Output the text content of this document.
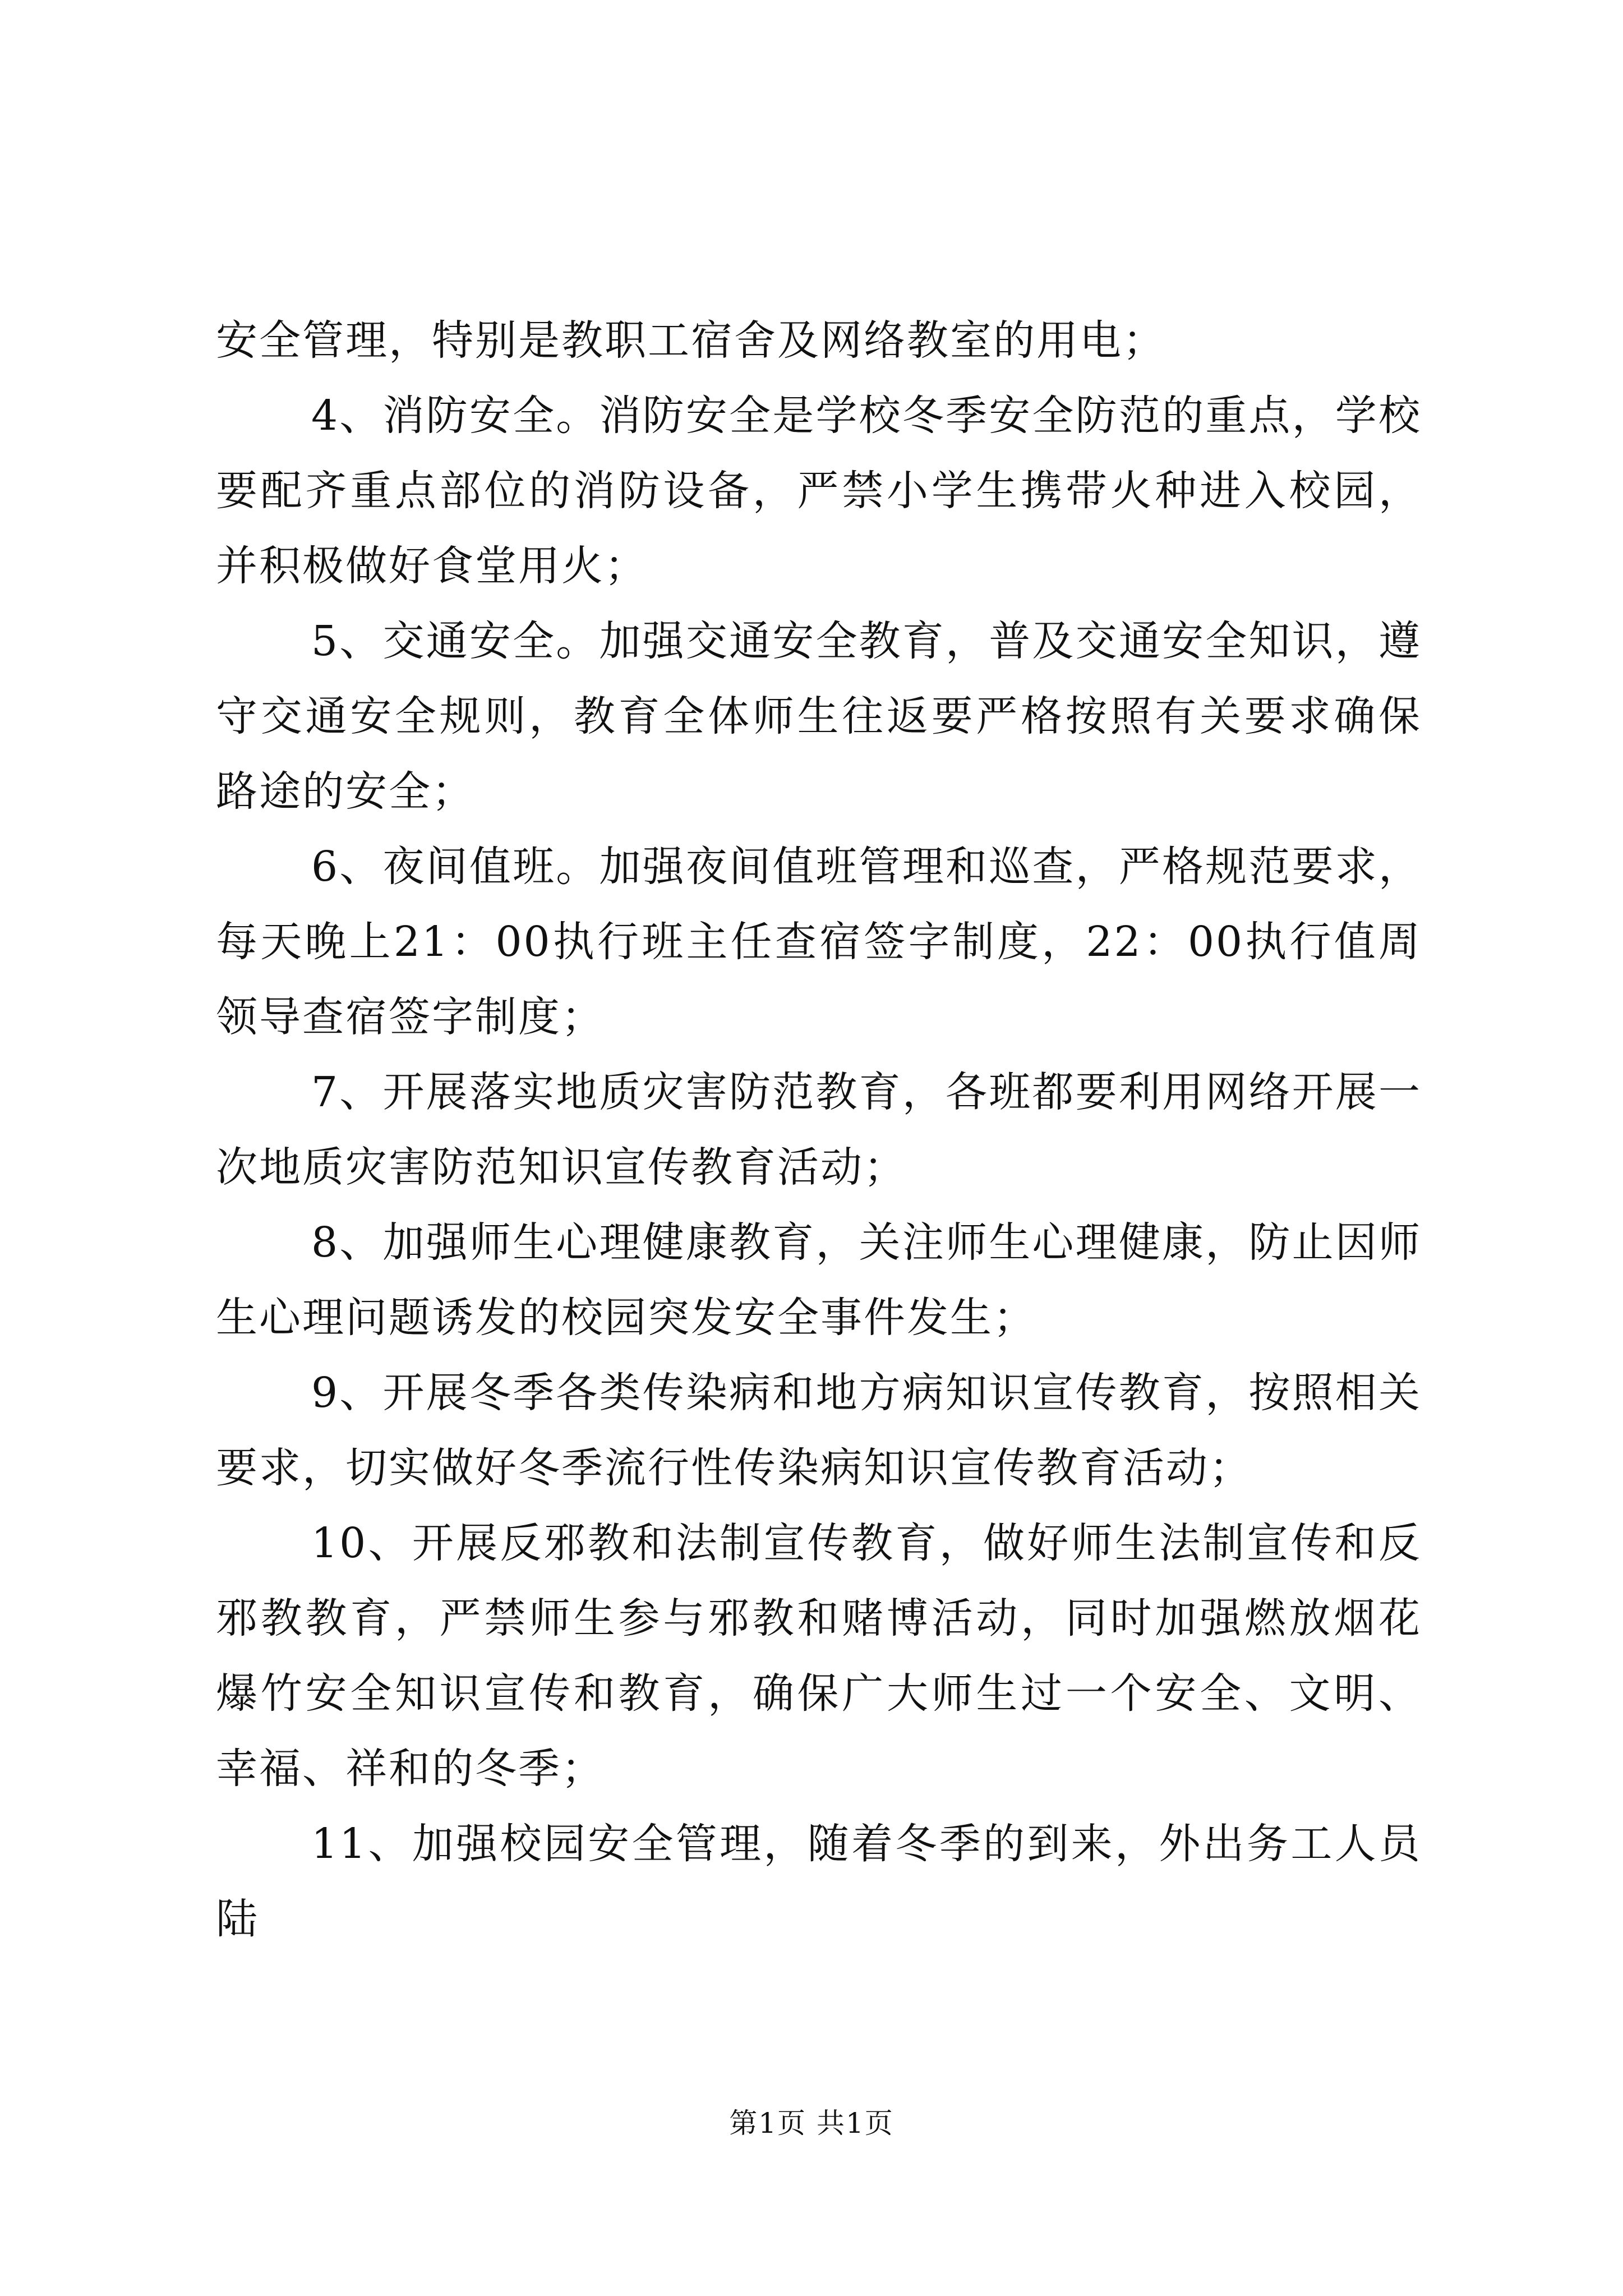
安全管理，特别是教职工宿舍及网络教室的用电；

4、消防安全。消防安全是学校冬季安全防范的重点，学校要配齐重点部位的消防设备，严禁小学生携带火种进入校园，并积极做好食堂用火；

5、交通安全。加强交通安全教育，普及交通安全知识，遵守交通安全规则，教育全体师生往返要严格按照有关要求确保路途的安全；

6、夜间值班。加强夜间值班管理和巡查，严格规范要求，每天晚上21：00执行班主任查宿签字制度，22：00执行值周领导查宿签字制度；

7、开展落实地质灾害防范教育，各班都要利用网络开展一次地质灾害防范知识宣传教育活动；

8、加强师生心理健康教育，关注师生心理健康，防止因师生心理问题诱发的校园突发安全事件发生；

9、开展冬季各类传染病和地方病知识宣传教育，按照相关要求，切实做好冬季流行性传染病知识宣传教育活动；

10、开展反邪教和法制宣传教育，做好师生法制宣传和反邪教教育，严禁师生参与邪教和赌博活动，同时加强燃放烟花爆竹安全知识宣传和教育，确保广大师生过一个安全、文明、幸福、祥和的冬季；

11、加强校园安全管理，随着冬季的到来，外出务工人员陆

第1页 共1页
